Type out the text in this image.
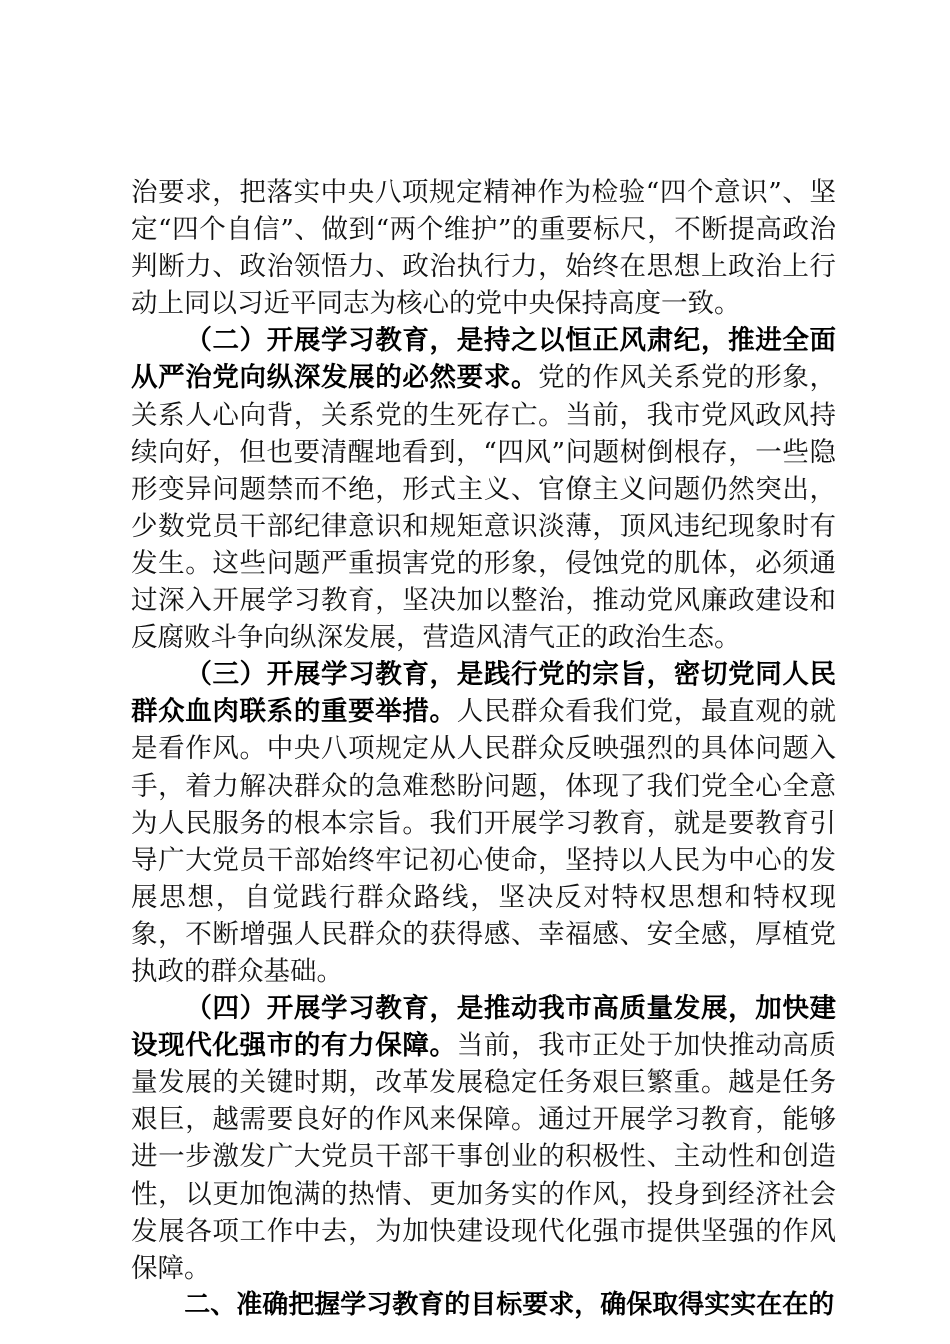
治要求，把落实中央八项规定精神作为检验“四个意识”、坚定“四个自信”、做到“两个维护”的重要标尺，不断提高政治判断力、政治领悟力、政治执行力，始终在思想上政治上行动上同以习近平同志为核心的党中央保持高度一致。

（二）开展学习教育，是持之以恒正风肃纪，推进全面从严治党向纵深发展的必然要求。党的作风关系党的形象，关系人心向背，关系党的生死存亡。当前，我市党风政风持续向好，但也要清醒地看到，“四风”问题树倒根存，一些隐形变异问题禁而不绝，形式主义、官僚主义问题仍然突出，少数党员干部纪律意识和规矩意识淡薄，顶风违纪现象时有发生。这些问题严重损害党的形象，侵蚀党的肌体，必须通过深入开展学习教育，坚决加以整治，推动党风廉政建设和反腐败斗争向纵深发展，营造风清气正的政治生态。

（三）开展学习教育，是践行党的宗旨，密切党同人民群众血肉联系的重要举措。人民群众看我们党，最直观的就是看作风。中央八项规定从人民群众反映强烈的具体问题入手，着力解决群众的急难愁盼问题，体现了我们党全心全意为人民服务的根本宗旨。我们开展学习教育，就是要教育引导广大党员干部始终牢记初心使命，坚持以人民为中心的发展思想，自觉践行群众路线，坚决反对特权思想和特权现象，不断增强人民群众的获得感、幸福感、安全感，厚植党执政的群众基础。

（四）开展学习教育，是推动我市高质量发展，加快建设现代化强市的有力保障。当前，我市正处于加快推动高质量发展的关键时期，改革发展稳定任务艰巨繁重。越是任务艰巨，越需要良好的作风来保障。通过开展学习教育，能够进一步激发广大党员干部干事创业的积极性、主动性和创造性，以更加饱满的热情、更加务实的作风，投身到经济社会发展各项工作中去，为加快建设现代化强市提供坚强的作风保障。

二、准确把握学习教育的目标要求，确保取得实实在在的
